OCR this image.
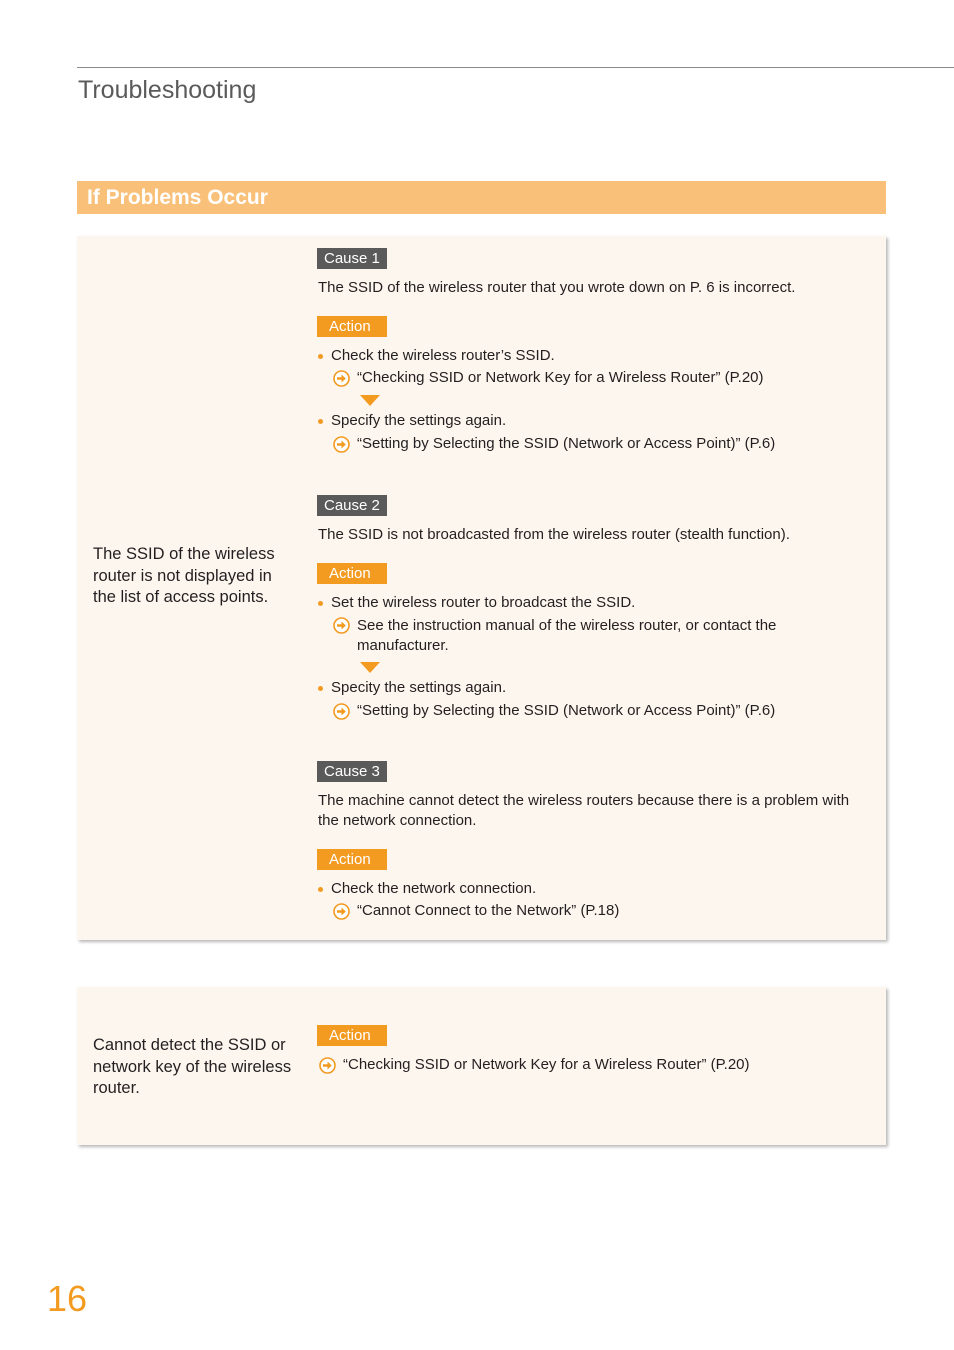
Troubleshooting
If Problems Occur
The SSID of the wireless router is not displayed in the list of access points.
Cause 1
The SSID of the wireless router that you wrote down on P. 6 is incorrect.
Action
Check the wireless router’s SSID.
“Checking SSID or Network Key for a Wireless Router” (P.20)
Specify the settings again.
“Setting by Selecting the SSID (Network or Access Point)” (P.6)
Cause 2
The SSID is not broadcasted from the wireless router (stealth function).
Action
Set the wireless router to broadcast the SSID.
See the instruction manual of the wireless router, or contact the manufacturer.
Specity the settings again.
“Setting by Selecting the SSID (Network or Access Point)” (P.6)
Cause 3
The machine cannot detect the wireless routers because there is a problem with the network connection.
Action
Check the network connection.
“Cannot Connect to the Network” (P.18)
Cannot detect the SSID or network key of the wireless router.
Action
“Checking SSID or Network Key for a Wireless Router” (P.20)
16
